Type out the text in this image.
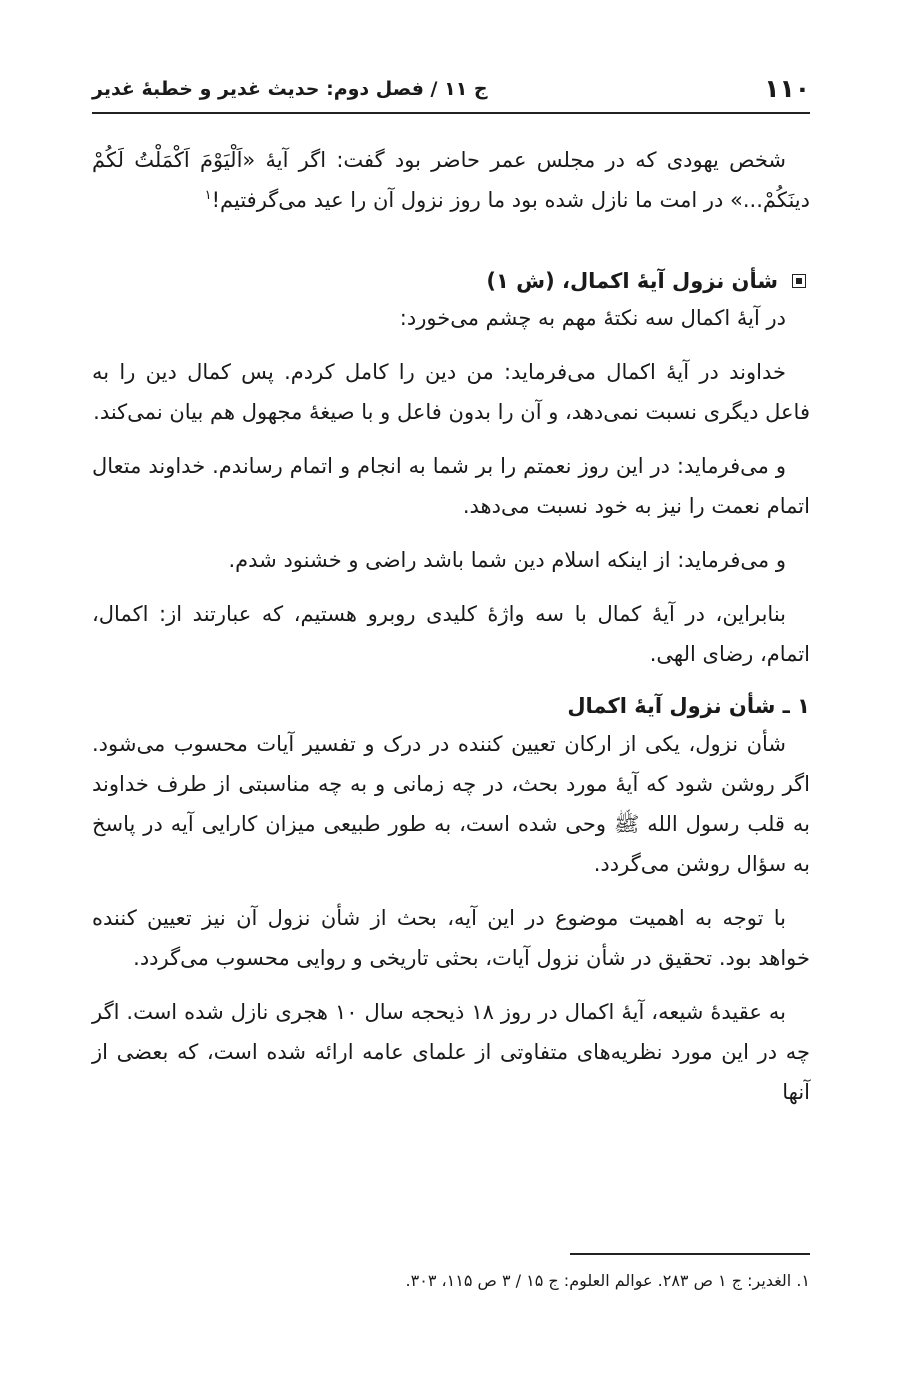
۱۱۰
ج ۱۱ / فصل دوم: حدیث غدیر و خطبهٔ غدیر

شخص یهودی که در مجلس عمر حاضر بود گفت: اگر آیهٔ «اَلْیَوْمَ اَکْمَلْتُ لَکُمْ دینَکُمْ...» در امت ما نازل شده بود ما روز نزول آن را عید می‌گرفتیم!$^۱$

شأن نزول آیهٔ اکمال، (ش ۱)

در آیهٔ اکمال سه نکتهٔ مهم به چشم می‌خورد:

خداوند در آیهٔ اکمال می‌فرماید: من دین را کامل کردم. پس کمال دین را به فاعل دیگری نسبت نمی‌دهد، و آن را بدون فاعل و با صیغهٔ مجهول هم بیان نمی‌کند.

و می‌فرماید: در این روز نعمتم را بر شما به انجام و اتمام رساندم. خداوند متعال اتمام نعمت را نیز به خود نسبت می‌دهد.

و می‌فرماید: از اینکه اسلام دین شما باشد راضی و خشنود شدم.

بنابراین، در آیهٔ کمال با سه واژهٔ کلیدی روبرو هستیم، که عبارتند از: اکمال، اتمام، رضای الهی.

۱ ـ شأن نزول آیهٔ اکمال

شأن نزول، یکی از ارکان تعیین کننده در درک و تفسیر آیات محسوب می‌شود. اگر روشن شود که آیهٔ مورد بحث، در چه زمانی و به چه مناسبتی از طرف خداوند به قلب رسول الله ﷺ وحی شده است، به طور طبیعی میزان کارایی آیه در پاسخ به سؤال روشن می‌گردد.

با توجه به اهمیت موضوع در این آیه، بحث از شأن نزول آن نیز تعیین کننده خواهد بود. تحقیق در شأن نزول آیات، بحثی تاریخی و روایی محسوب می‌گردد.

به عقیدهٔ شیعه، آیهٔ اکمال در روز ۱۸ ذیحجه سال ۱۰ هجری نازل شده است. اگر چه در این مورد نظریه‌های متفاوتی از علمای عامه ارائه شده است، که بعضی از آنها

۱. الغدیر: ج ۱ ص ۲۸۳. عوالم العلوم: ج ۱۵ / ۳ ص ۱۱۵، ۳۰۳.
